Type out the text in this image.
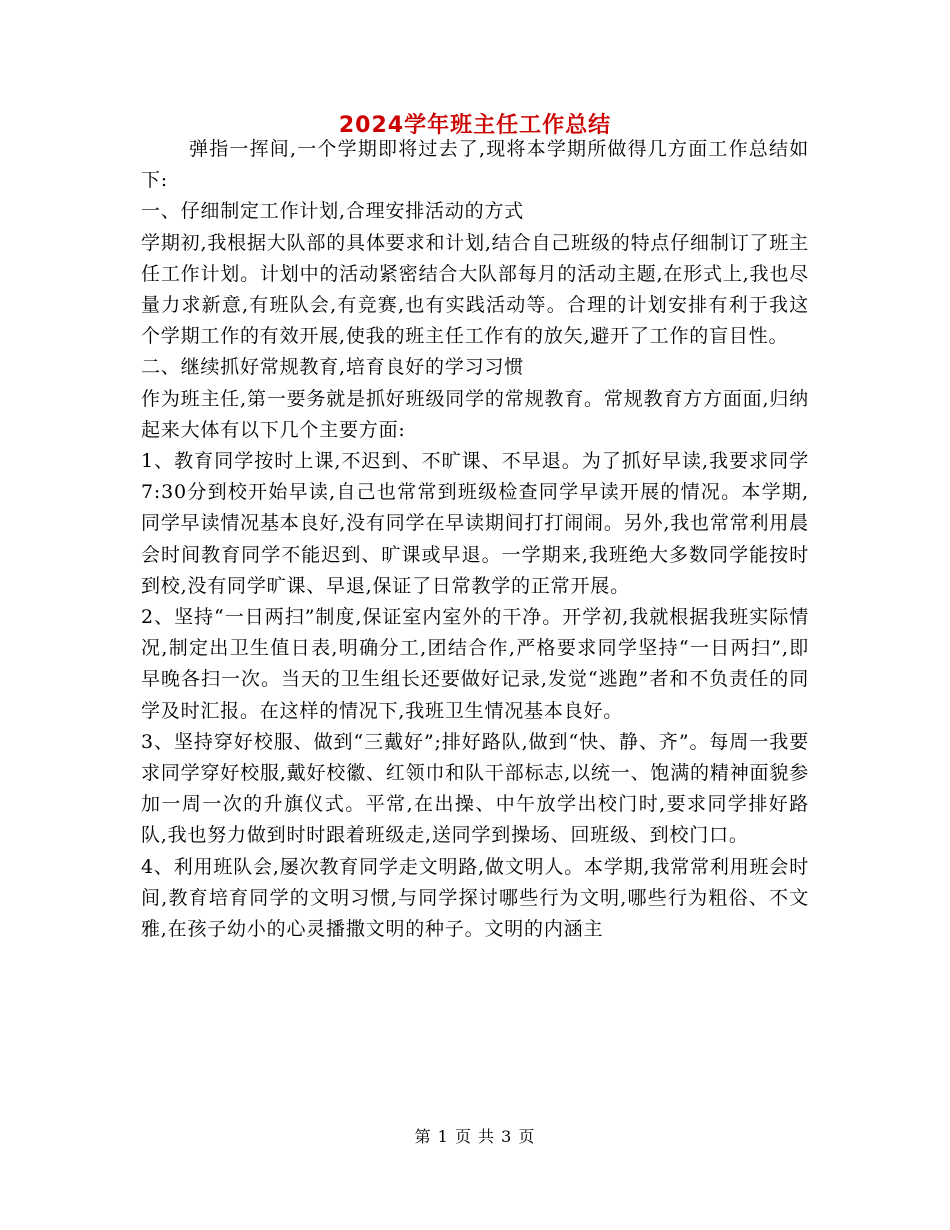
2024学年班主任工作总结

弹指一挥间,一个学期即将过去了,现将本学期所做得几方面工作总结如下:

一、仔细制定工作计划,合理安排活动的方式

学期初,我根据大队部的具体要求和计划,结合自己班级的特点仔细制订了班主任工作计划。计划中的活动紧密结合大队部每月的活动主题,在形式上,我也尽量力求新意,有班队会,有竞赛,也有实践活动等。合理的计划安排有利于我这个学期工作的有效开展,使我的班主任工作有的放矢,避开了工作的盲目性。

二、继续抓好常规教育,培育良好的学习习惯

作为班主任,第一要务就是抓好班级同学的常规教育。常规教育方方面面,归纳起来大体有以下几个主要方面:

1、教育同学按时上课,不迟到、不旷课、不早退。为了抓好早读,我要求同学7:30分到校开始早读,自己也常常到班级检查同学早读开展的情况。本学期,同学早读情况基本良好,没有同学在早读期间打打闹闹。另外,我也常常利用晨会时间教育同学不能迟到、旷课或早退。一学期来,我班绝大多数同学能按时到校,没有同学旷课、早退,保证了日常教学的正常开展。

2、坚持“一日两扫”制度,保证室内室外的干净。开学初,我就根据我班实际情况,制定出卫生值日表,明确分工,团结合作,严格要求同学坚持“一日两扫”,即早晚各扫一次。当天的卫生组长还要做好记录,发觉“逃跑”者和不负责任的同学及时汇报。在这样的情况下,我班卫生情况基本良好。

3、坚持穿好校服、做到“三戴好”;排好路队,做到“快、静、齐”。每周一我要求同学穿好校服,戴好校徽、红领巾和队干部标志,以统一、饱满的精神面貌参加一周一次的升旗仪式。平常,在出操、中午放学出校门时,要求同学排好路队,我也努力做到时时跟着班级走,送同学到操场、回班级、到校门口。

4、利用班队会,屡次教育同学走文明路,做文明人。本学期,我常常利用班会时间,教育培育同学的文明习惯,与同学探讨哪些行为文明,哪些行为粗俗、不文雅,在孩子幼小的心灵播撒文明的种子。文明的内涵主

第 1 页 共 3 页
